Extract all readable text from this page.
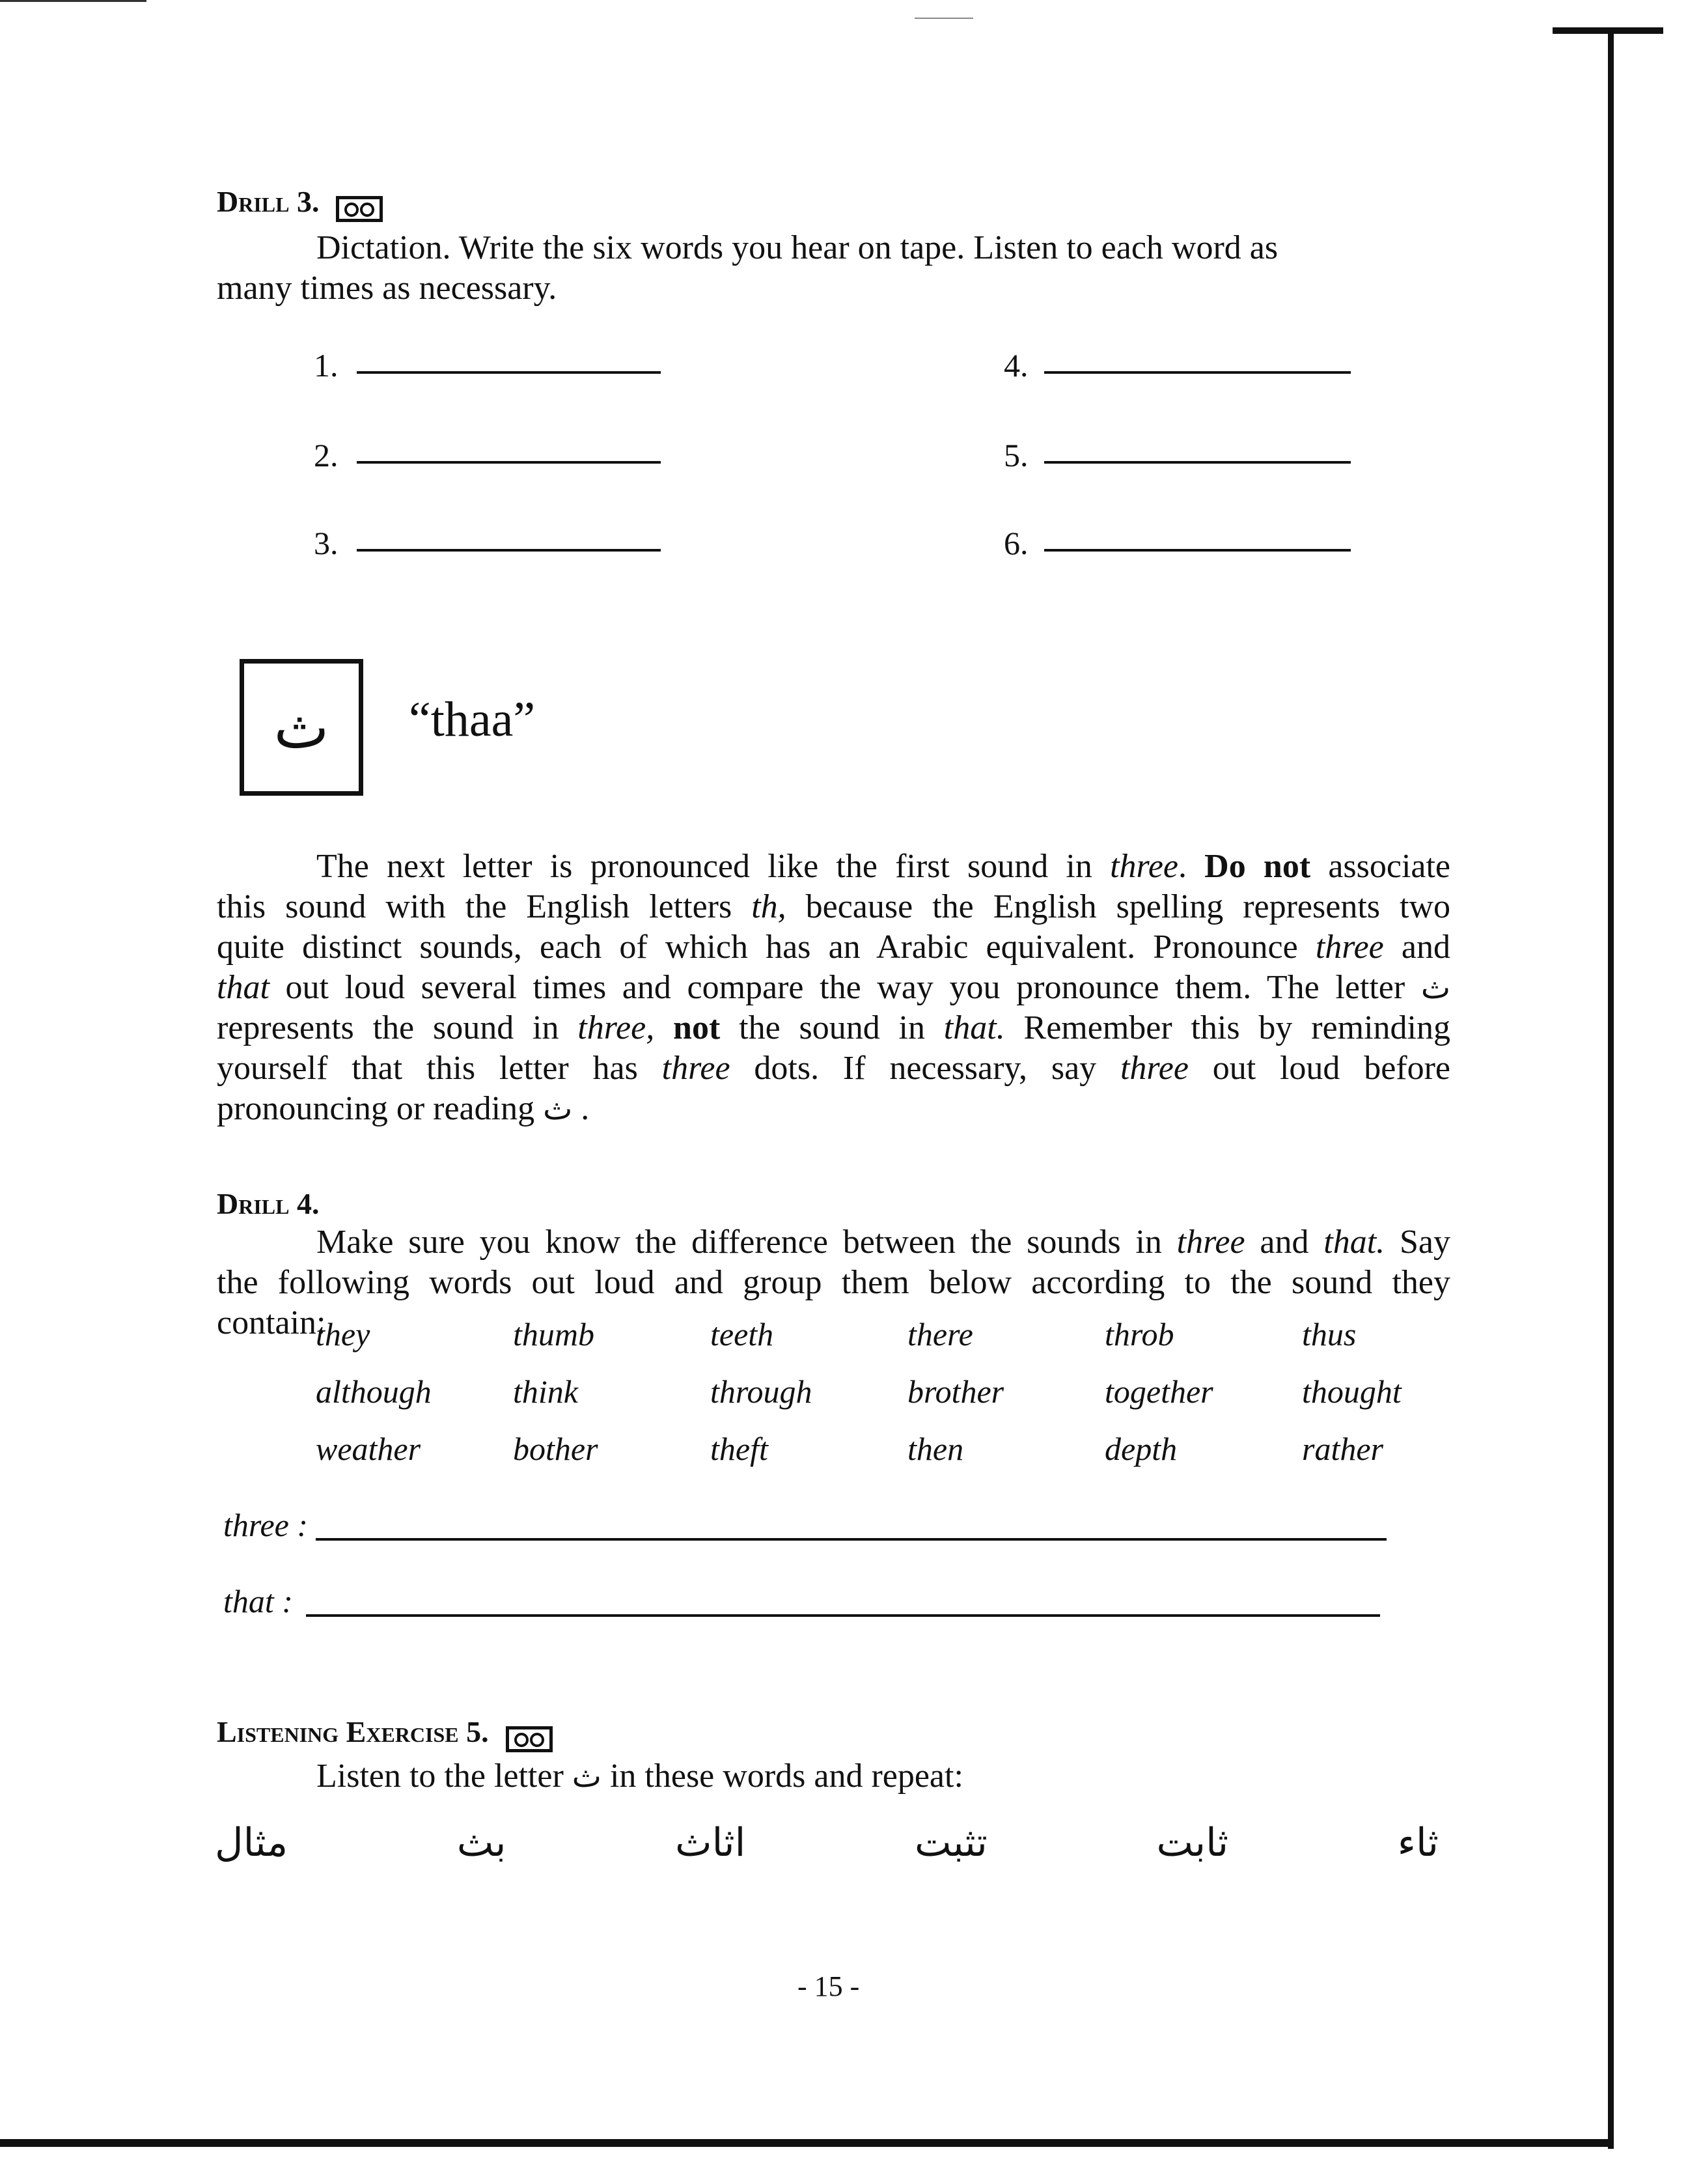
Drill 3.
Dictation. Write the six words you hear on tape. Listen to each word as
many times as necessary.
1.
2.
3.
4.
5.
6.
ث “thaa”

The next letter is pronounced like the first sound in three. Do not associate

this sound with the English letters th, because the English spelling represents two

quite distinct sounds, each of which has an Arabic equivalent. Pronounce three and

that out loud several times and compare the way you pronounce them. The letter ث

represents the sound in three, not the sound in that. Remember this by reminding

yourself that this letter has three dots. If necessary, say three out loud before

pronouncing or reading ث .

Drill 4.

Make sure you know the difference between the sounds in three and that. Say

the following words out loud and group them below according to the sound they

contain:

they	thumb	teeth	there	throb	thus
although	think	through	brother	together	thought
weather	bother	theft	then	depth	rather
three :
that :
Listening Exercise 5.
Listen to the letter ث in these words and repeat:
ثاء
ثابت
تثبت
اثاث
بث
مثال
- 15 -
